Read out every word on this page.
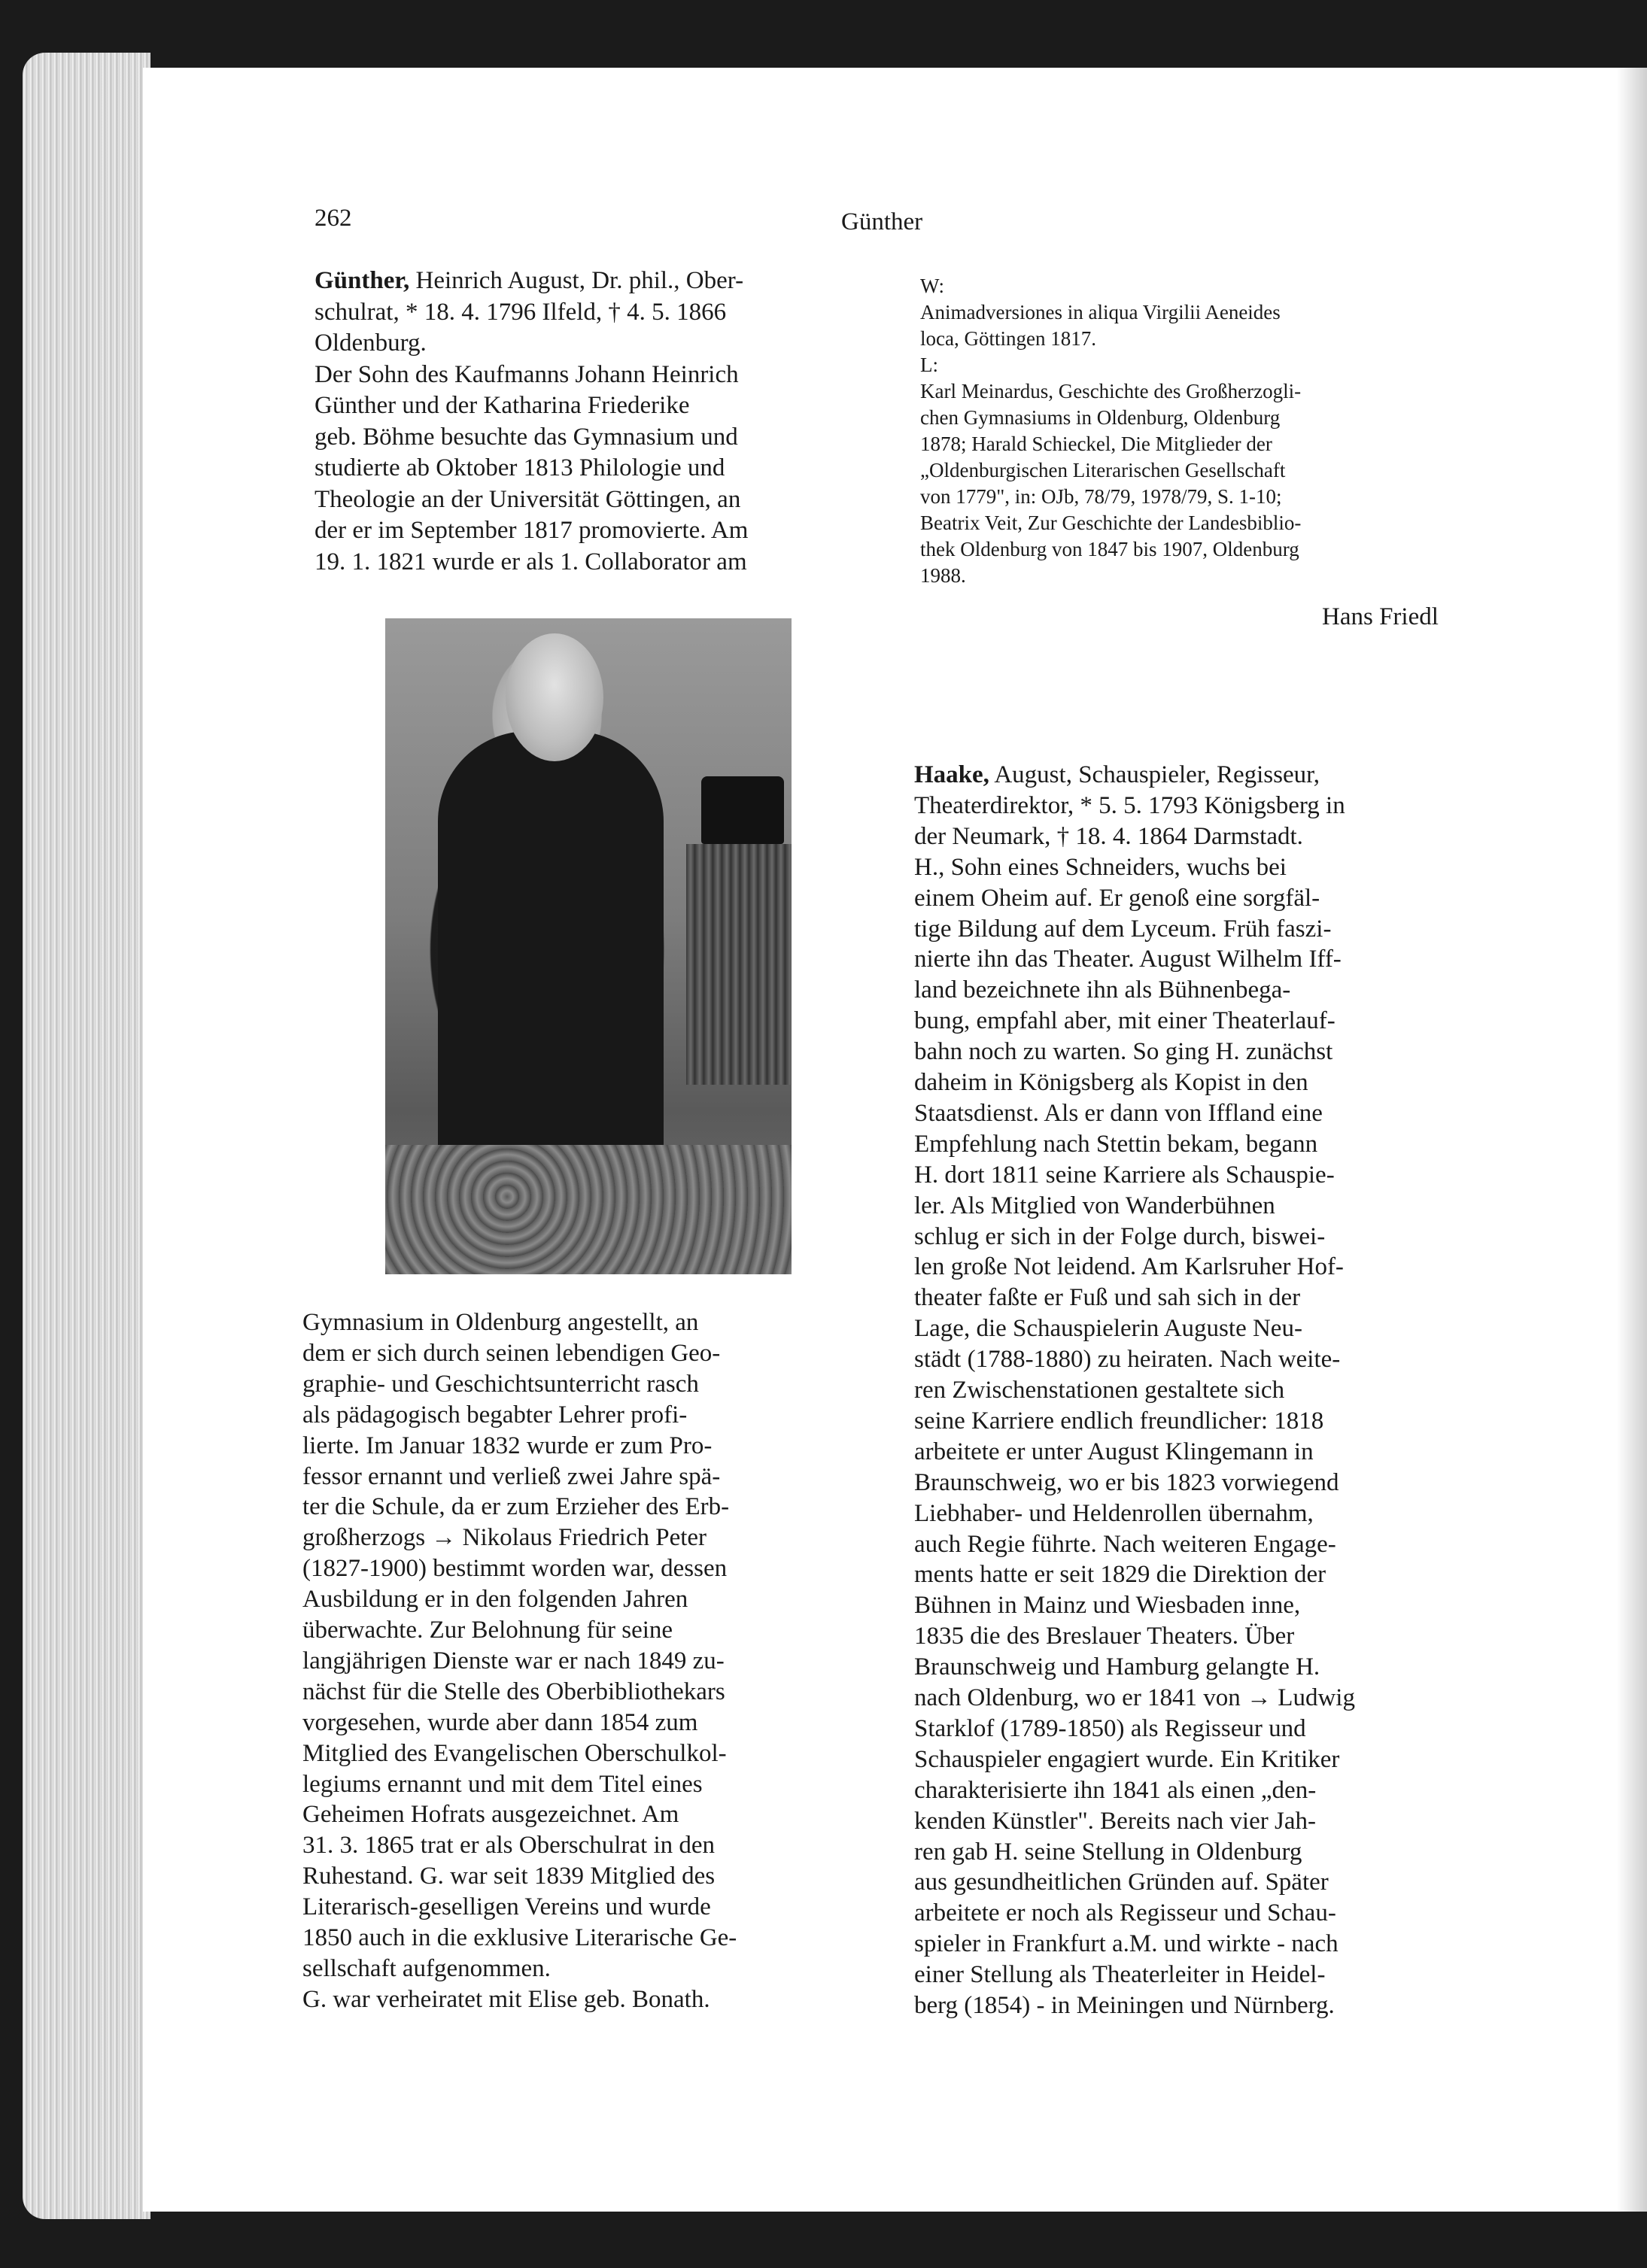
262	Günther
Günther, Heinrich August, Dr. phil., Ober-
schulrat, * 18. 4. 1796 Ilfeld, † 4. 5. 1866
Oldenburg.
Der Sohn des Kaufmanns Johann Heinrich
Günther und der Katharina Friederike
geb. Böhme besuchte das Gymnasium und
studierte ab Oktober 1813 Philologie und
Theologie an der Universität Göttingen, an
der er im September 1817 promovierte. Am
19. 1. 1821 wurde er als 1. Collaborator am
Gymnasium in Oldenburg angestellt, an
dem er sich durch seinen lebendigen Geo-
graphie- und Geschichtsunterricht rasch
als pädagogisch begabter Lehrer profi-
lierte. Im Januar 1832 wurde er zum Pro-
fessor ernannt und verließ zwei Jahre spä-
ter die Schule, da er zum Erzieher des Erb-
großherzogs → Nikolaus Friedrich Peter
(1827-1900) bestimmt worden war, dessen
Ausbildung er in den folgenden Jahren
überwachte. Zur Belohnung für seine
langjährigen Dienste war er nach 1849 zu-
nächst für die Stelle des Oberbibliothekars
vorgesehen, wurde aber dann 1854 zum
Mitglied des Evangelischen Oberschulkol-
legiums ernannt und mit dem Titel eines
Geheimen Hofrats ausgezeichnet. Am
31. 3. 1865 trat er als Oberschulrat in den
Ruhestand. G. war seit 1839 Mitglied des
Literarisch-geselligen Vereins und wurde
1850 auch in die exklusive Literarische Ge-
sellschaft aufgenommen.
G. war verheiratet mit Elise geb. Bonath.
W:
Animadversiones in aliqua Virgilii Aeneides
loca, Göttingen 1817.
L:
Karl Meinardus, Geschichte des Großherzogli-
chen Gymnasiums in Oldenburg, Oldenburg
1878; Harald Schieckel, Die Mitglieder der
„Oldenburgischen Literarischen Gesellschaft
von 1779", in: OJb, 78/79, 1978/79, S. 1-10;
Beatrix Veit, Zur Geschichte der Landesbiblio-
thek Oldenburg von 1847 bis 1907, Oldenburg
1988.
Hans Friedl
Haake, August, Schauspieler, Regisseur,
Theaterdirektor, * 5. 5. 1793 Königsberg in
der Neumark, † 18. 4. 1864 Darmstadt.
H., Sohn eines Schneiders, wuchs bei
einem Oheim auf. Er genoß eine sorgfäl-
tige Bildung auf dem Lyceum. Früh faszi-
nierte ihn das Theater. August Wilhelm Iff-
land bezeichnete ihn als Bühnenbega-
bung, empfahl aber, mit einer Theaterlauf-
bahn noch zu warten. So ging H. zunächst
daheim in Königsberg als Kopist in den
Staatsdienst. Als er dann von Iffland eine
Empfehlung nach Stettin bekam, begann
H. dort 1811 seine Karriere als Schauspie-
ler. Als Mitglied von Wanderbühnen
schlug er sich in der Folge durch, biswei-
len große Not leidend. Am Karlsruher Hof-
theater faßte er Fuß und sah sich in der
Lage, die Schauspielerin Auguste Neu-
städt (1788-1880) zu heiraten. Nach weite-
ren Zwischenstationen gestaltete sich
seine Karriere endlich freundlicher: 1818
arbeitete er unter August Klingemann in
Braunschweig, wo er bis 1823 vorwiegend
Liebhaber- und Heldenrollen übernahm,
auch Regie führte. Nach weiteren Engage-
ments hatte er seit 1829 die Direktion der
Bühnen in Mainz und Wiesbaden inne,
1835 die des Breslauer Theaters. Über
Braunschweig und Hamburg gelangte H.
nach Oldenburg, wo er 1841 von → Ludwig
Starklof (1789-1850) als Regisseur und
Schauspieler engagiert wurde. Ein Kritiker
charakterisierte ihn 1841 als einen „den-
kenden Künstler". Bereits nach vier Jah-
ren gab H. seine Stellung in Oldenburg
aus gesundheitlichen Gründen auf. Später
arbeitete er noch als Regisseur und Schau-
spieler in Frankfurt a.M. und wirkte - nach
einer Stellung als Theaterleiter in Heidel-
berg (1854) - in Meiningen und Nürnberg.
